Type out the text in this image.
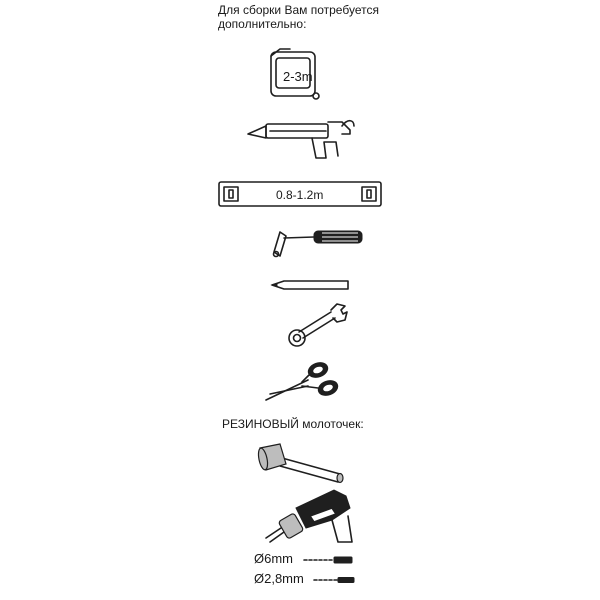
Для сборки Вам потребуется
дополнительно:
2-3m
0.8-1.2m
РЕЗИНОВЫЙ молоточек:
Ø6mm
Ø2,8mm
